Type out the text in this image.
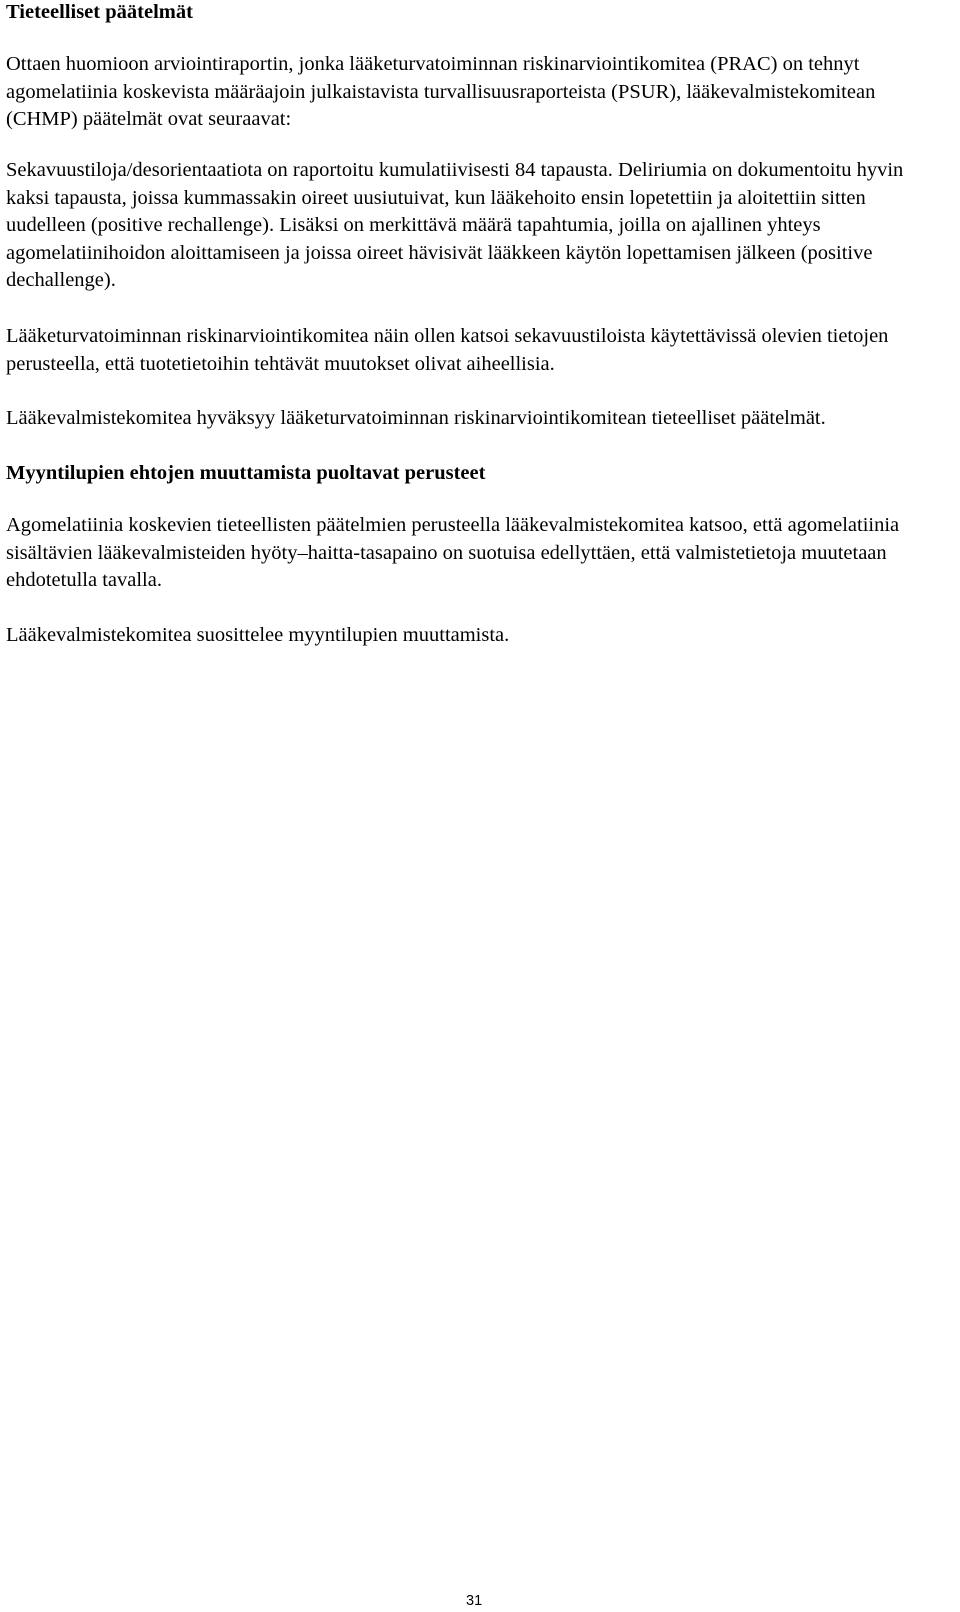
Tieteelliset päätelmät

Ottaen huomioon arviointiraportin, jonka lääketurvatoiminnan riskinarviointikomitea (PRAC) on tehnyt agomelatiinia koskevista määräajoin julkaistavista turvallisuusraporteista (PSUR), lääkevalmistekomitean (CHMP) päätelmät ovat seuraavat:

Sekavuustiloja/desorientaatiota on raportoitu kumulatiivisesti 84 tapausta. Deliriumia on dokumentoitu hyvin kaksi tapausta, joissa kummassakin oireet uusiutuivat, kun lääkehoito ensin lopetettiin ja aloitettiin sitten uudelleen (positive rechallenge). Lisäksi on merkittävä määrä tapahtumia, joilla on ajallinen yhteys agomelatiinihoidon aloittamiseen ja joissa oireet hävisivät lääkkeen käytön lopettamisen jälkeen (positive dechallenge).

Lääketurvatoiminnan riskinarviointikomitea näin ollen katsoi sekavuustiloista käytettävissä olevien tietojen perusteella, että tuotetietoihin tehtävät muutokset olivat aiheellisia.

Lääkevalmistekomitea hyväksyy lääketurvatoiminnan riskinarviointikomitean tieteelliset päätelmät.

Myyntilupien ehtojen muuttamista puoltavat perusteet

Agomelatiinia koskevien tieteellisten päätelmien perusteella lääkevalmistekomitea katsoo, että agomelatiinia sisältävien lääkevalmisteiden hyöty–haitta-tasapaino on suotuisa edellyttäen, että valmistetietoja muutetaan ehdotetulla tavalla.

Lääkevalmistekomitea suosittelee myyntilupien muuttamista.

31
